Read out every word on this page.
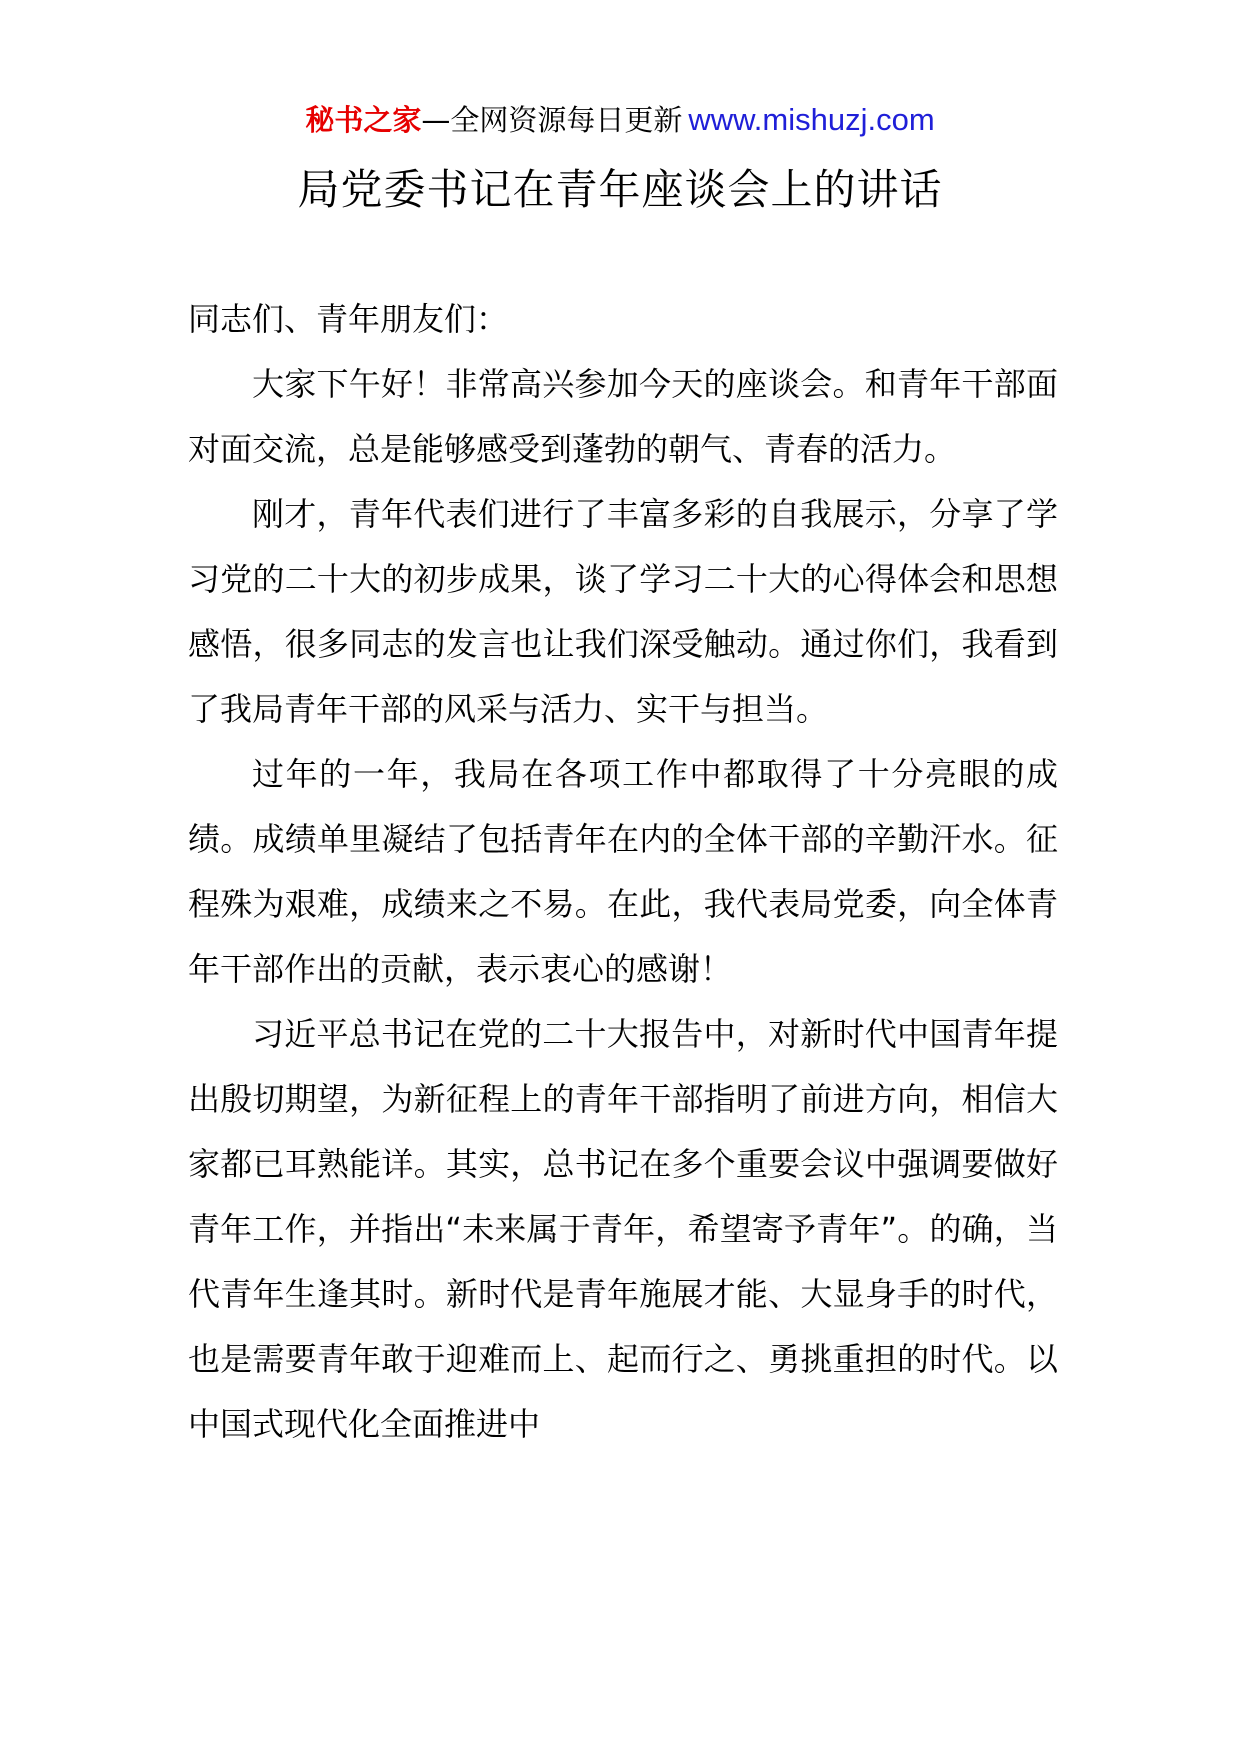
秘书之家—全网资源每日更新 www.mishuzj.com
局党委书记在青年座谈会上的讲话

同志们、青年朋友们：

大家下午好！非常高兴参加今天的座谈会。和青年干部面对面交流，总是能够感受到蓬勃的朝气、青春的活力。

刚才，青年代表们进行了丰富多彩的自我展示，分享了学习党的二十大的初步成果，谈了学习二十大的心得体会和思想感悟，很多同志的发言也让我们深受触动。通过你们，我看到了我局青年干部的风采与活力、实干与担当。

过年的一年，我局在各项工作中都取得了十分亮眼的成绩。成绩单里凝结了包括青年在内的全体干部的辛勤汗水。征程殊为艰难，成绩来之不易。在此，我代表局党委，向全体青年干部作出的贡献，表示衷心的感谢！

习近平总书记在党的二十大报告中，对新时代中国青年提出殷切期望，为新征程上的青年干部指明了前进方向，相信大家都已耳熟能详。其实，总书记在多个重要会议中强调要做好青年工作，并指出“未来属于青年，希望寄予青年”。的确，当代青年生逢其时。新时代是青年施展才能、大显身手的时代，也是需要青年敢于迎难而上、起而行之、勇挑重担的时代。以中国式现代化全面推进中
